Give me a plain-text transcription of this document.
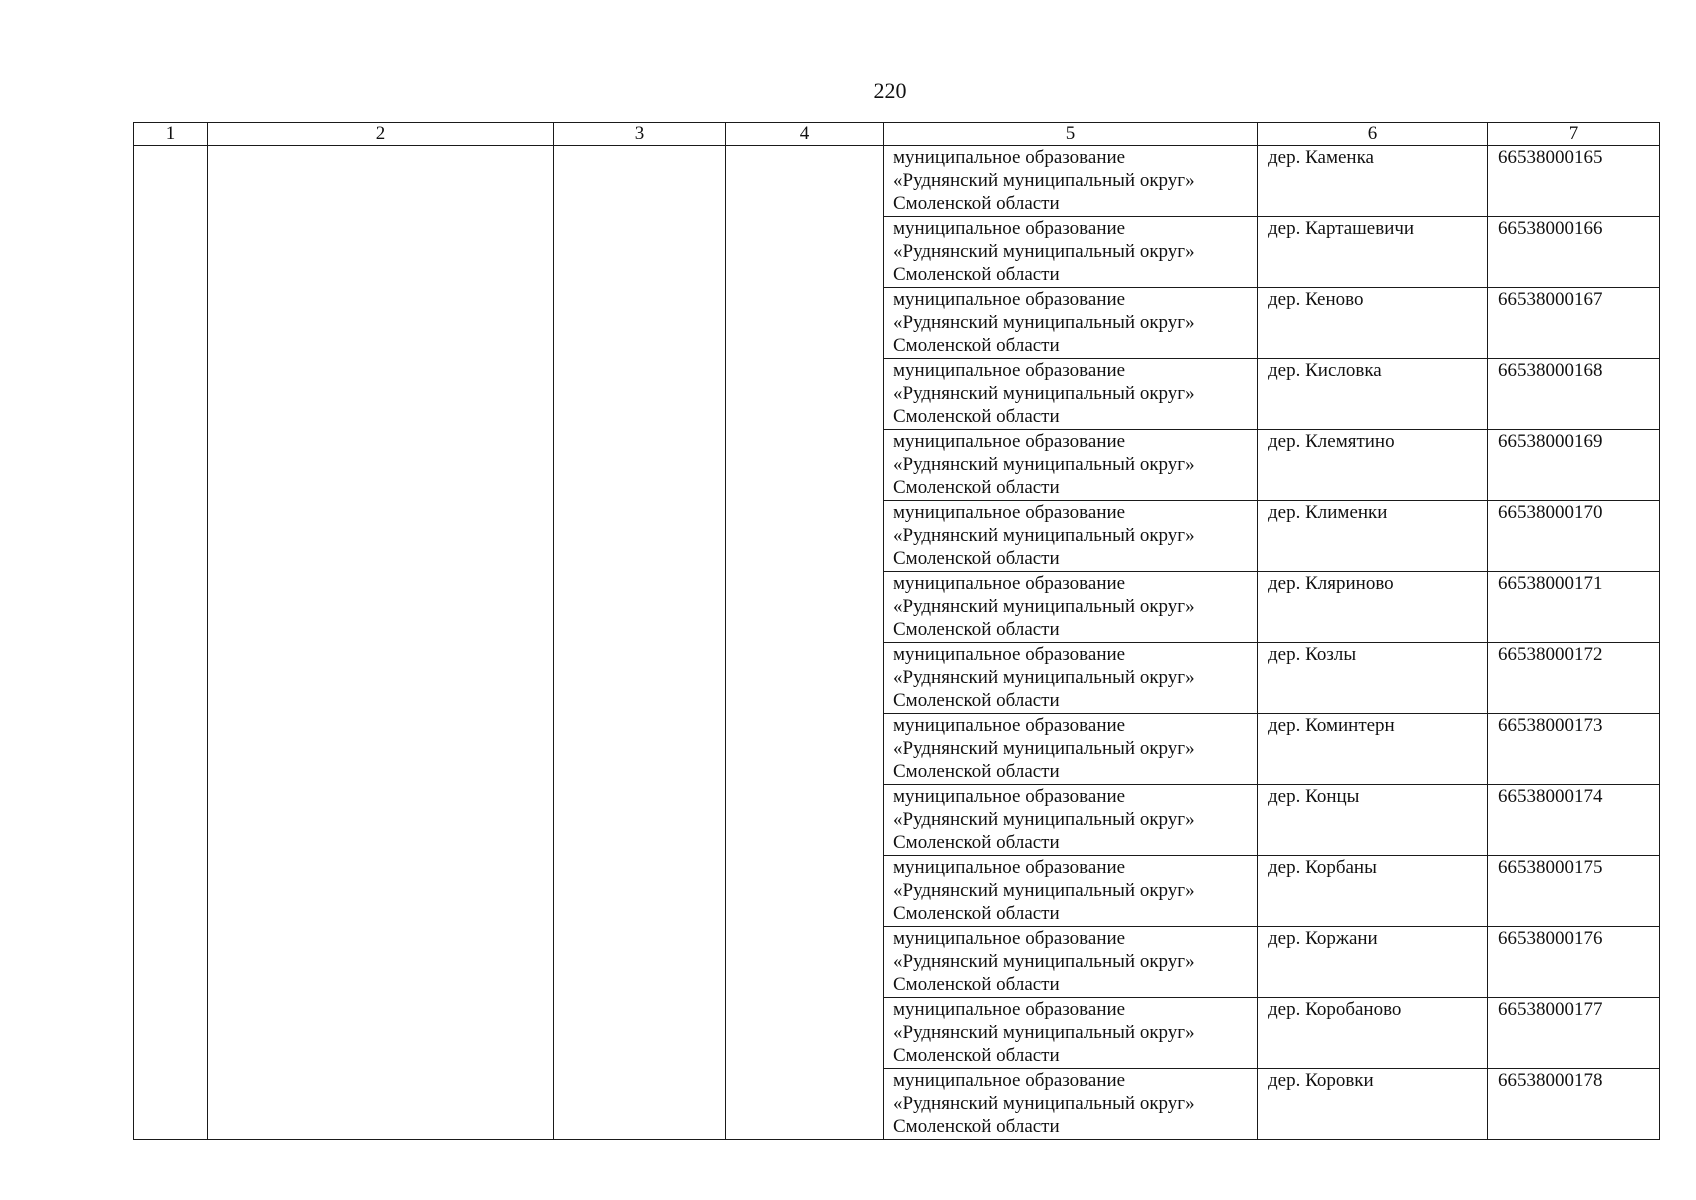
220
1	2	3	4	5	6	7

				муниципальное образование
«Руднянский муниципальный округ»
Смоленской области	дер. Каменка	66538000165

				муниципальное образование
«Руднянский муниципальный округ»
Смоленской области	дер. Карташевичи	66538000166

				муниципальное образование
«Руднянский муниципальный округ»
Смоленской области	дер. Кеново	66538000167

				муниципальное образование
«Руднянский муниципальный округ»
Смоленской области	дер. Кисловка	66538000168

				муниципальное образование
«Руднянский муниципальный округ»
Смоленской области	дер. Клемятино	66538000169

				муниципальное образование
«Руднянский муниципальный округ»
Смоленской области	дер. Клименки	66538000170

				муниципальное образование
«Руднянский муниципальный округ»
Смоленской области	дер. Кляриново	66538000171

				муниципальное образование
«Руднянский муниципальный округ»
Смоленской области	дер. Козлы	66538000172

				муниципальное образование
«Руднянский муниципальный округ»
Смоленской области	дер. Коминтерн	66538000173

				муниципальное образование
«Руднянский муниципальный округ»
Смоленской области	дер. Концы	66538000174

				муниципальное образование
«Руднянский муниципальный округ»
Смоленской области	дер. Корбаны	66538000175

				муниципальное образование
«Руднянский муниципальный округ»
Смоленской области	дер. Коржани	66538000176

				муниципальное образование
«Руднянский муниципальный округ»
Смоленской области	дер. Коробаново	66538000177

				муниципальное образование
«Руднянский муниципальный округ»
Смоленской области	дер. Коровки	66538000178
